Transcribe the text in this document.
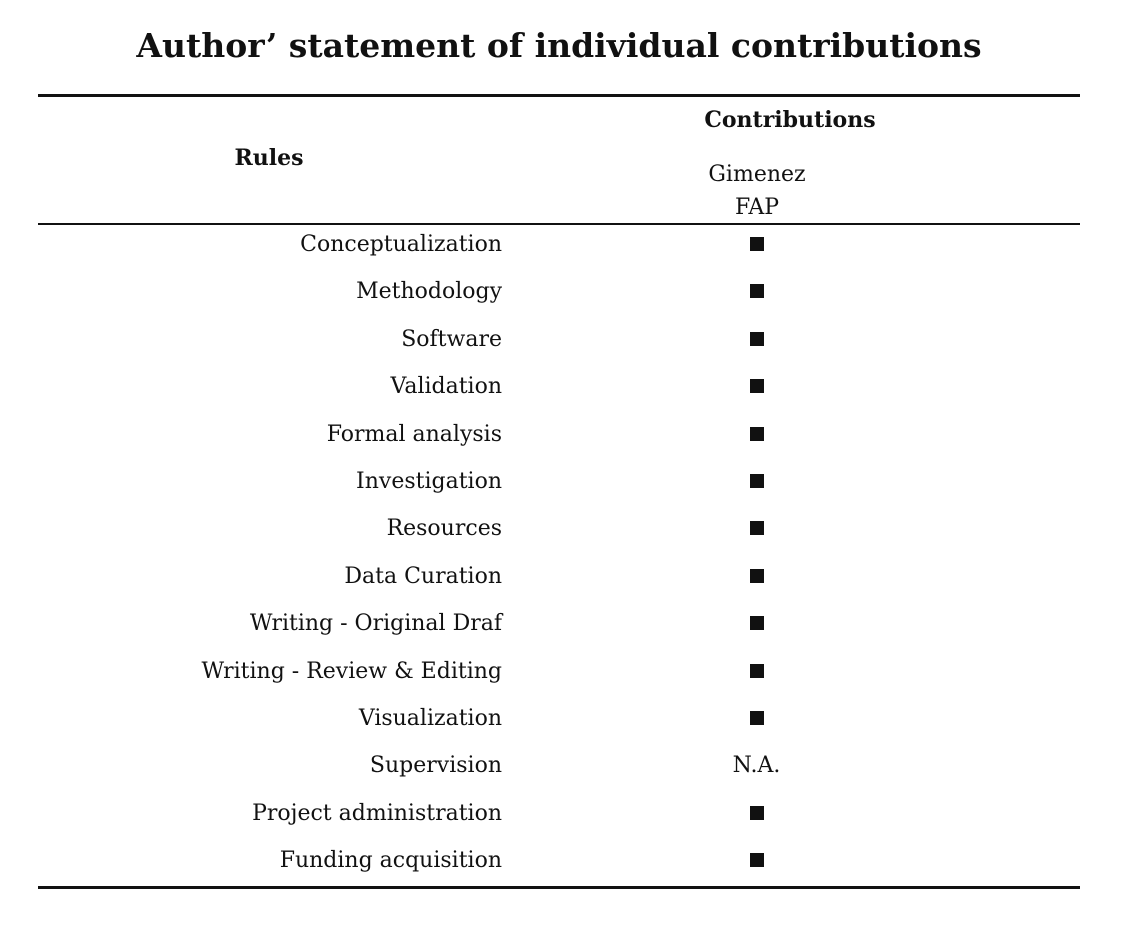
Author’ statement of individual contributions
Rules
Contributions
Gimenez
FAP
Conceptualization
Methodology
Software
Validation
Formal analysis
Investigation
Resources
Data Curation
Writing - Original Draf
Writing - Review & Editing
Visualization
Supervision	N.A.
Project administration
Funding acquisition
